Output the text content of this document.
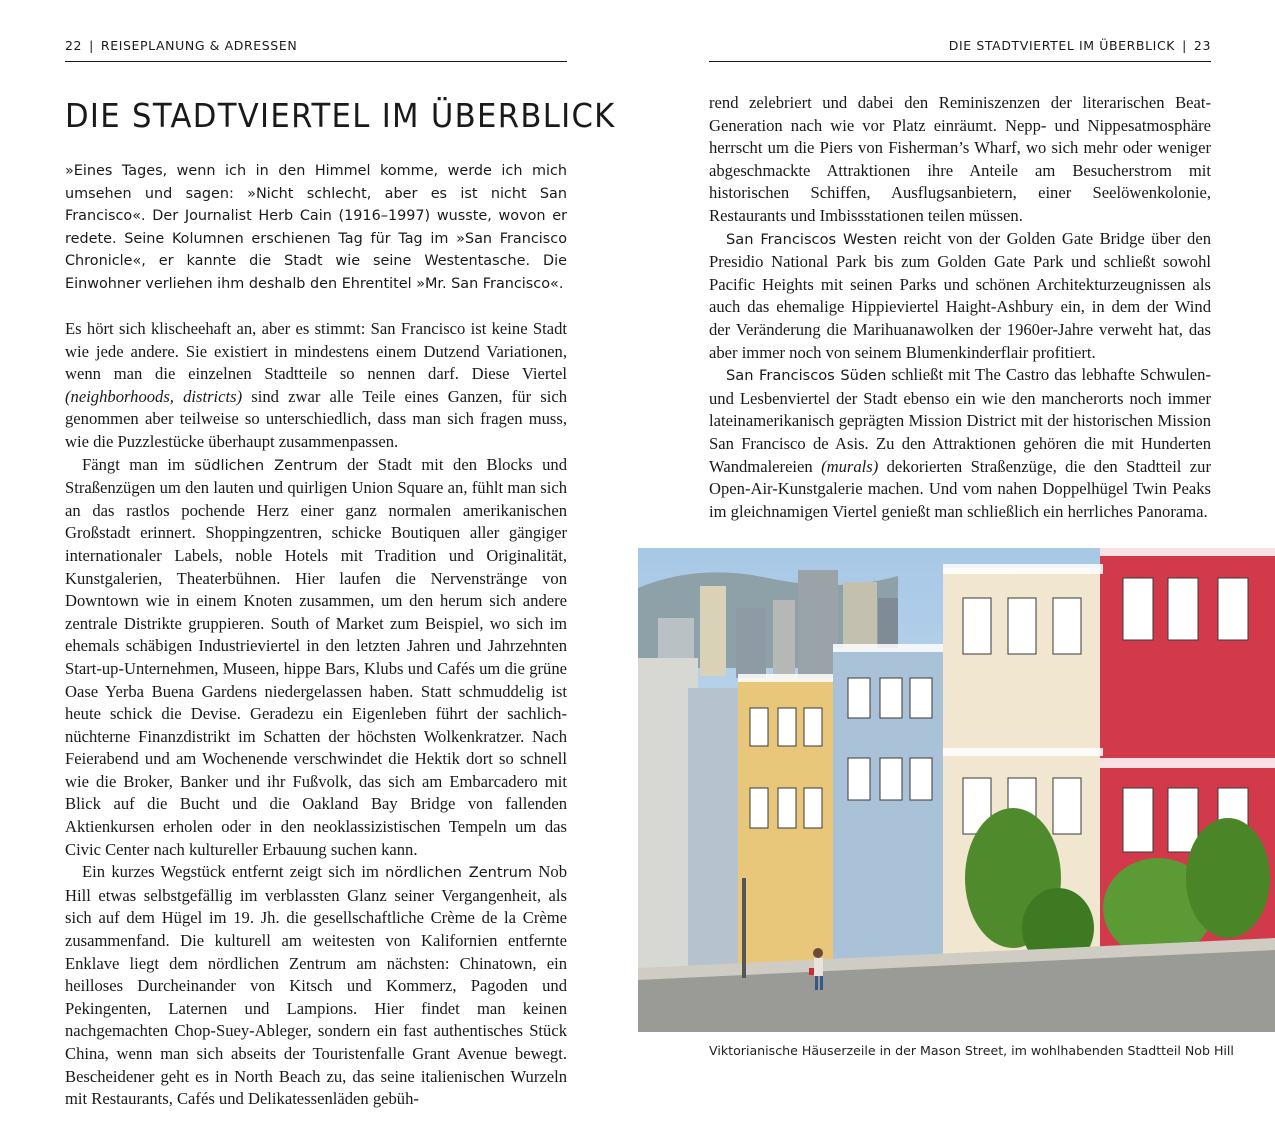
22 | REISEPLANUNG & ADRESSEN
DIE STADTVIERTEL IM ÜBERBLICK

»Eines Tages, wenn ich in den Himmel komme, werde ich mich umsehen und sagen: »Nicht schlecht, aber es ist nicht San Francisco«. Der Journalist Herb Cain (1916–1997) wusste, wovon er redete. Seine Kolumnen erschienen Tag für Tag im »San Francisco Chronicle«, er kannte die Stadt wie seine Westentasche. Die Einwohner verliehen ihm deshalb den Ehrentitel »Mr. San Francisco«.

Es hört sich klischeehaft an, aber es stimmt: San Francisco ist keine Stadt wie jede andere. Sie existiert in mindestens einem Dutzend Variationen, wenn man die einzelnen Stadtteile so nennen darf. Diese Viertel (neighborhoods, districts) sind zwar alle Teile eines Ganzen, für sich genommen aber teilweise so unterschiedlich, dass man sich fragen muss, wie die Puzzlestücke überhaupt zusammenpassen.

Fängt man im südlichen Zentrum der Stadt mit den Blocks und Straßenzügen um den lauten und quirligen Union Square an, fühlt man sich an das rastlos pochende Herz einer ganz normalen amerikanischen Großstadt erinnert. Shoppingzentren, schicke Boutiquen aller gängiger internationaler Labels, noble Hotels mit Tradition und Originalität, Kunstgalerien, Theaterbühnen. Hier laufen die Nervenstränge von Downtown wie in einem Knoten zusammen, um den herum sich andere zentrale Distrikte gruppieren. South of Market zum Beispiel, wo sich im ehemals schäbigen Industrieviertel in den letzten Jahren und Jahrzehnten Start-up-Unternehmen, Museen, hippe Bars, Klubs und Cafés um die grüne Oase Yerba Buena Gardens niedergelassen haben. Statt schmuddelig ist heute schick die Devise. Geradezu ein Eigenleben führt der sachlich-nüchterne Finanzdistrikt im Schatten der höchsten Wolkenkratzer. Nach Feierabend und am Wochenende verschwindet die Hektik dort so schnell wie die Broker, Banker und ihr Fußvolk, das sich am Embarcadero mit Blick auf die Bucht und die Oakland Bay Bridge von fallenden Aktienkursen erholen oder in den neoklassizistischen Tempeln um das Civic Center nach kultureller Erbauung suchen kann.

Ein kurzes Wegstück entfernt zeigt sich im nördlichen Zentrum Nob Hill etwas selbstgefällig im verblassten Glanz seiner Vergangenheit, als sich auf dem Hügel im 19. Jh. die gesellschaftliche Crème de la Crème zusammenfand. Die kulturell am weitesten von Kalifornien entfernte Enklave liegt dem nördlichen Zentrum am nächsten: Chinatown, ein heilloses Durcheinander von Kitsch und Kommerz, Pagoden und Pekingenten, Laternen und Lampions. Hier findet man keinen nachgemachten Chop-Suey-Ableger, sondern ein fast authentisches Stück China, wenn man sich abseits der Touristenfalle Grant Avenue bewegt. Bescheidener geht es in North Beach zu, das seine italienischen Wurzeln mit Restaurants, Cafés und Delikatessenläden gebüh-

DIE STADTVIERTEL IM ÜBERBLICK | 23

rend zelebriert und dabei den Reminiszenzen der literarischen Beat-Generation nach wie vor Platz einräumt. Nepp- und Nippesatmosphäre herrscht um die Piers von Fisherman’s Wharf, wo sich mehr oder weniger abgeschmackte Attraktionen ihre Anteile am Besucherstrom mit historischen Schiffen, Ausflugsanbietern, einer Seelöwenkolonie, Restaurants und Imbissstationen teilen müssen.

San Franciscos Westen reicht von der Golden Gate Bridge über den Presidio National Park bis zum Golden Gate Park und schließt sowohl Pacific Heights mit seinen Parks und schönen Architekturzeugnissen als auch das ehemalige Hippieviertel Haight-Ashbury ein, in dem der Wind der Veränderung die Marihuanawolken der 1960er-Jahre verweht hat, das aber immer noch von seinem Blumenkinderflair profitiert.

San Franciscos Süden schließt mit The Castro das lebhafte Schwulen- und Lesbenviertel der Stadt ebenso ein wie den mancherorts noch immer lateinamerikanisch geprägten Mission District mit der historischen Mission San Francisco de Asis. Zu den Attraktionen gehören die mit Hunderten Wandmalereien (murals) dekorierten Straßenzüge, die den Stadtteil zur Open-Air-Kunstgalerie machen. Und vom nahen Doppelhügel Twin Peaks im gleichnamigen Viertel genießt man schließlich ein herrliches Panorama.

Viktorianische Häuserzeile in der Mason Street, im wohlhabenden Stadtteil Nob Hill
